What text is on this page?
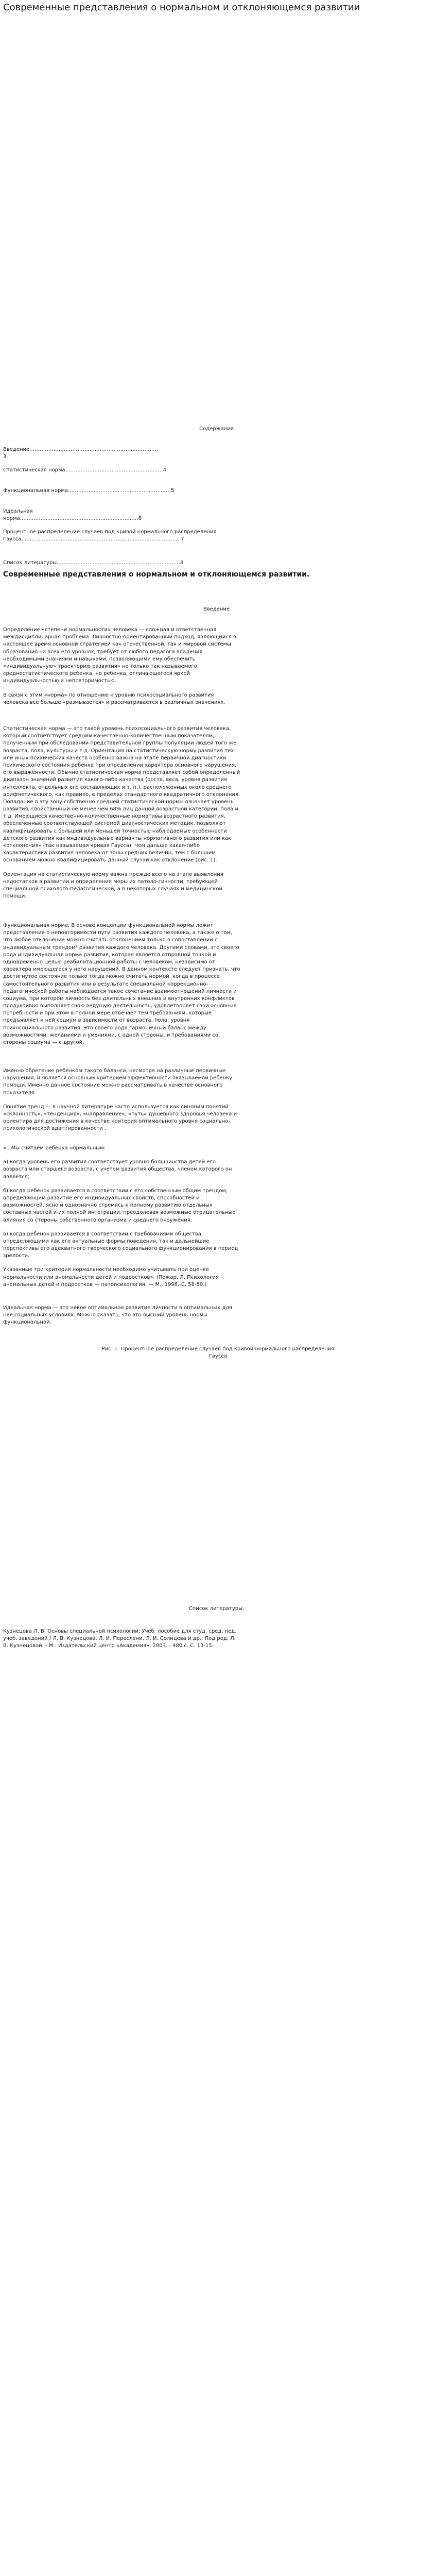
Современные представления о нормальном и отклоняющемся развитии
Содержание
Введение…………………………………………………………………3
Статистическая норма…………………………………………………4
Функциональная норма……………………………………………………5
Идеальная норма……………………………………………………………6
Процентное распределение случаев под кривой нормального распределения Гаусса…………………………………………………………………………………7
Список литературы………………………………………………………………8
Современные представления о нормальном и отклоняющемся развитии.
Введение

Определение «степени нормальности» человека — сложная и ответственная междисциплинарная проблема. Личностно-ориентированный подход, являющийся в настоящее время основной стратегией как отечественной, так и мировой системы образования на всех его уровнях, требует от любого педагога владения необходимыми знаниями и навыками, позволяющими ему обеспечить «индивидуальную» траекторию развития» не только так называемого среднестатистического ребенка, но ребенка, отличающегося яркой индивидуальностью и неповторимостью.

В связи с этим «норма» по отношению к уровню психосоциального развития человека все больше «размывается» и рассматривается в различных значениях.

Статистическая норма — это такой уровень психосоциального развития человека, который соответствует средним качественно-количественным показателям, полученным при обследовании представительной группы популяции людей того же возраста, пола, культуры и т.д. Ориентация на статистическую норму развития тех или иных психических качеств особенно важна на этапе первичной диагностики психического состояния ребенка при определении характера основного нарушения, его выраженности. Обычно статистическая норма представляет собой определенный диапазон значений развития какого-либо качества (роста, веса, уровня развития интеллекта, отдельных его составляющих и т. п.), расположенных около среднего арифметического, как правило, в пределах стандартного квадратичного отклонения. Попадание в эту зону собственно средней статистической нормы означает уровень развития, свойственный не менее чем 68% лиц данной возрастной категории, пола и т.д. Имеющиеся качественно-количественные нормативы возрастного развития, обеспеченные соответствующей системой диагностических методик, позволяют квалифицировать с большей или меньшей точностью наблюдаемые особенности детского развития как индивидуальные варианты нормативного развития или как «отклонения» (так называемая кривая Гаусса). Чем дальше какая-либо характеристика развития человека от зоны средних величин, тем с большим основанием можно квалифицировать данный случай как отклонение (рис. 1).

Ориентация на статистическую норму важна прежде всего на этапе выявления недостатков в развитии и определения меры их патоло-гичности, требующей специальной психолого-педагогической, а в некоторых случаях и медицинской помощи.

Функциональная норма. В основе концепции функциональной нормы лежит представление о неповторимости пути развития каждого человека, а также о том, что любое отклонение можно считать отклонением только в сопоставлении с индивидуальным трендом¹ развития каждого человека. Другими словами, это своего рода индивидуальная норма развития, которая является отправной точкой и одновременно целью реабилитационной работы с человеком, независимо от характера имеющегося у него нарушений. В данном контексте следует признать, что достигнутое состояние только тогда можно считать нормой, когда в процессе самостоятельного развития или в результате специальной коррекционно-педагогической работы наблюдается такое сочетание взаимоотношений личности и социума, при котором личность без длительных внешних и внутренних конфликтов продуктивно выполняет свою ведущую деятельность, удовлетворяет свои основные потребности и при этом в полной мере отвечает тем требованиям, которые предъявляет к ней социум в зависимости от возраста, пола, уровня психосоциального развития. Это своего рода гармоничный баланс между возможностями, желаниями и умениями, с одной стороны, и требованиями со стороны социума — с другой.

Именно обретение ребенком такого баланса, несмотря на различные первичные нарушения, и является основным критерием эффективности оказываемой ребенку помощи. Именно данное состояние можно рассматривать в качестве основного показателя

Понятие тренд — в научной литературе часто используется как синоним понятий «склонность», «тенденция», «направление», «путь» душевного здоровья человека и ориентира для достижения в качестве критерия оптимального уровня социально-психологической адаптированности .

«...Мы считаем ребенка нормальным:

а) когда уровень его развития соответствует уровню большинства детей его возраста или старшего возраста, с учетом развития общества, членом которого он является;

б) когда ребенок развивается в соответствии с его собственным общим трендом, определяющим развитие его индивидуальных свойств, способностей и возможностей, ясно и однозначно стремясь к полному развитию отдельных составных частей и их полной интеграции, преодолевая возможные отрицательные влияния со стороны собственного организма и среднего окружения;

в) когда ребенок развивается в соответствии с требованиями общества, определяющими как его актуальные формы поведения, так и дальнейшие перспективы его адекватного творческого социального функционирования в период зрелости.

Указанные три критерия нормальности необходимо учитывать при оценке нормальности или аномальности детей и подростков». (Пожар. Л. Психология аномальных детей и подростков — патопсихология. — М., 1996.-С. 58-59.)

Идеальная норма — это некое оптимальное развитие личности в оптимальных для нее социальных условиях. Можно сказать, что это высший уровень нормы функциональной.
Рис. 1. Процентное распределение случаев под кривой нормального распределения Гаусса
Список литературы.

Кузнецова Л. В. Основы специальной психологии: Учеб. пособие для студ. сред. пед. учеб. заведений / Л. В. Кузнецова, Л. И. Переслени, Л. И. Солнцева и др.; Под ред. Л. В. Кузнецовой. - М.: Издательский центр «Академия», 2003. - 480 с. С. 13-15.
